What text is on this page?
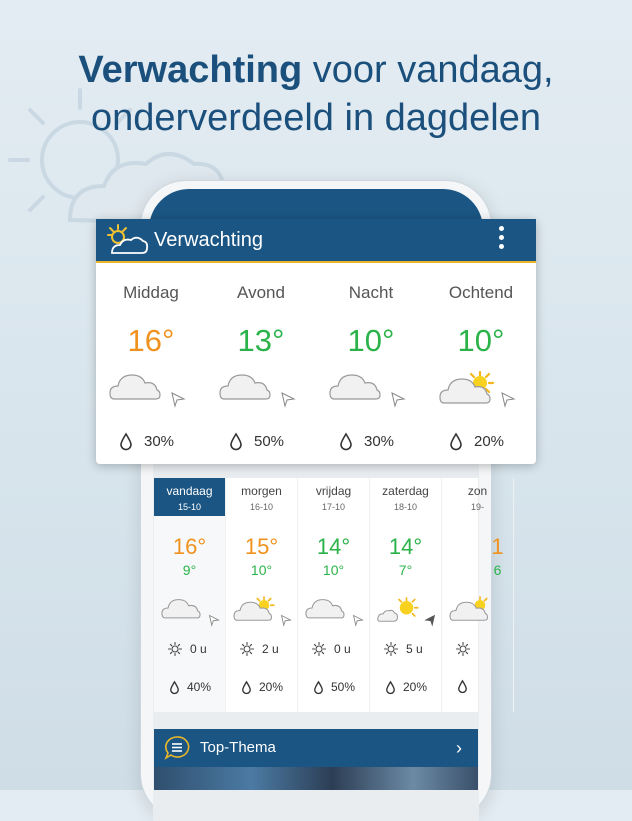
Verwachting voor vandaag,
onderverdeeld in dagdelen
Verwachting
Middag
16°
30%
Avond
13°
50%
Nacht
10°
30%
Ochtend
10°
20%
vandaag
15-10
16°
9°
0 u
40%
morgen
16-10
15°
10°
2 u
20%
vrijdag
17-10
14°
10°
0 u
50%
zaterdag
18-10
14°
7°
5 u
20%
zon
19-
1
6
Top-Thema	›
